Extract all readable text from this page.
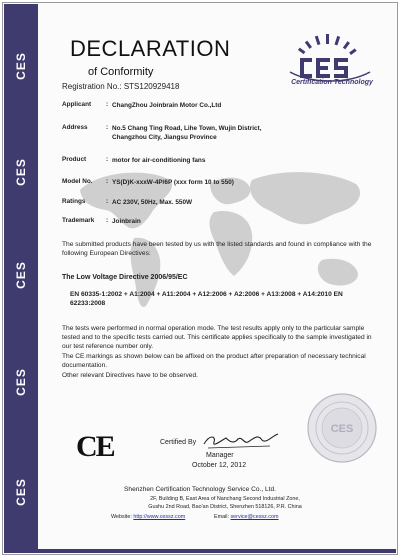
CES
CES
CES
CES
CES
DECLARATION
of Conformity
Registration No.: STS120929418	Certification Technology
Applicant	: ChangZhou Joinbrain Motor Co.,Ltd
Address	: No.5 Chang Ting Road, Lihe Town, Wujin District, Changzhou City, Jiangsu Province
Product	: motor for air-conditioning fans
Model No.	: YS(D)K-xxxW-4P/6P (xxx form 10 to 550)
Ratings	: AC 230V, 50Hz, Max. 550W
Trademark	: Joinbrain
The submitted products have been tested by us with the listed standards and found in compliance with the following European Directives:
The Low Voltage Directive 2006/95/EC
EN 60335-1:2002 + A1:2004 + A11:2004 + A12:2006 + A2:2006 + A13:2008 + A14:2010 EN 62233:2008
The tests were performed in normal operation mode. The test results apply only to the particular sample tested and to the specific tests carried out. This certificate applies specifically to the sample investigated in our test reference number only.
The CE markings as shown below can be affixed on the product after preparation of necessary technical documentation.
Other relevant Directives have to be observed.
CE	Certified By
Manager
October 12, 2012
CES
Shenzhen Certification Technology Service Co., Ltd.
2F, Building B, East Area of Nanchang Second Industrial Zone,
Gushu 2nd Road, Bao'an District, Shenzhen 518126, P.R. China
Website: http://www.cessz.com	Email: service@cessz.com
